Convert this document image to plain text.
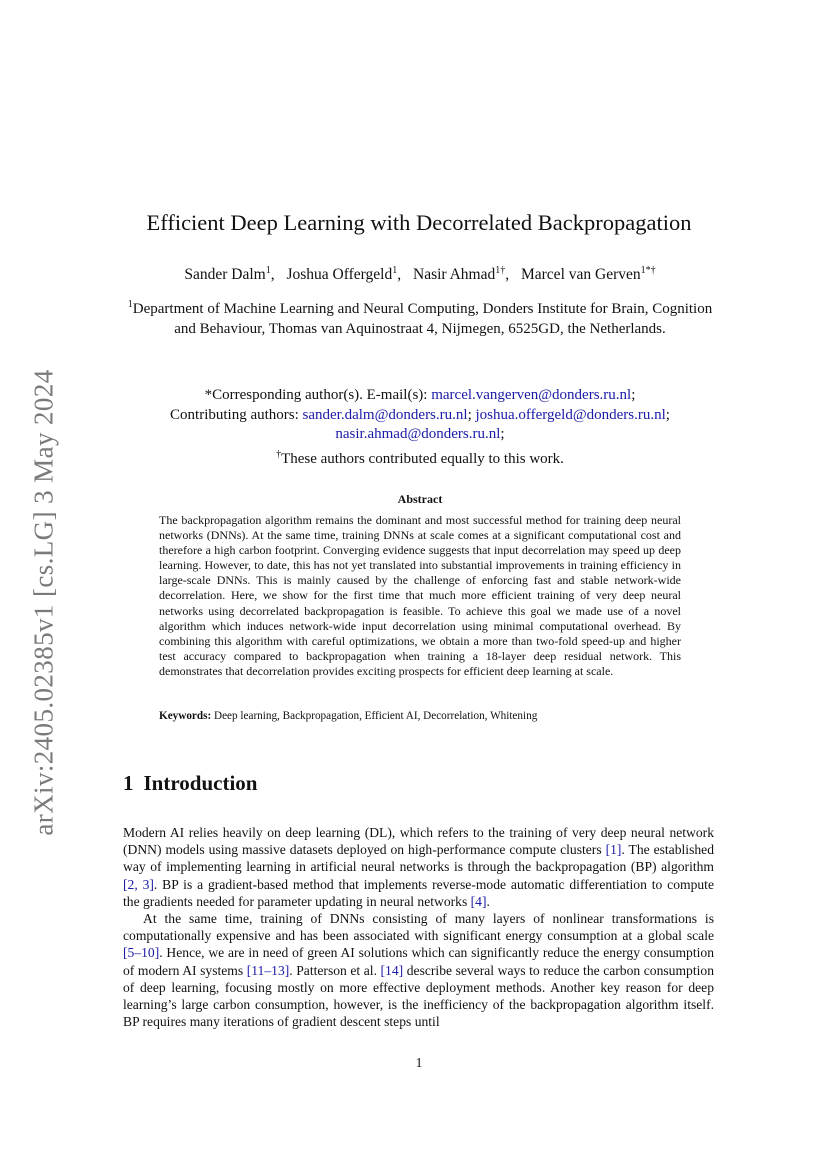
arXiv:2405.02385v1 [cs.LG] 3 May 2024
Efficient Deep Learning with Decorrelated Backpropagation
Sander Dalm$^1$, Joshua Offergeld$^1$, Nasir Ahmad$^{1\dagger}$, Marcel van Gerven$^{1*\dagger}$
$^1$Department of Machine Learning and Neural Computing, Donders Institute for Brain, Cognition and Behaviour, Thomas van Aquinostraat 4, Nijmegen, 6525GD, the Netherlands.
*Corresponding author(s). E-mail(s): marcel.vangerven@donders.ru.nl;
Contributing authors: sander.dalm@donders.ru.nl; joshua.offergeld@donders.ru.nl;
nasir.ahmad@donders.ru.nl;
†These authors contributed equally to this work.
Abstract

The backpropagation algorithm remains the dominant and most successful method for training deep neural networks (DNNs). At the same time, training DNNs at scale comes at a significant computational cost and therefore a high carbon footprint. Converging evidence suggests that input decorrelation may speed up deep learning. However, to date, this has not yet translated into substantial improvements in training efficiency in large-scale DNNs. This is mainly caused by the challenge of enforcing fast and stable network-wide decorrelation. Here, we show for the first time that much more efficient training of very deep neural networks using decorrelated backpropagation is feasible. To achieve this goal we made use of a novel algorithm which induces network-wide input decorrelation using minimal computational overhead. By combining this algorithm with careful optimizations, we obtain a more than two-fold speed-up and higher test accuracy compared to backpropagation when training a 18-layer deep residual network. This demonstrates that decorrelation provides exciting prospects for efficient deep learning at scale.

Keywords: Deep learning, Backpropagation, Efficient AI, Decorrelation, Whitening
1 Introduction

Modern AI relies heavily on deep learning (DL), which refers to the training of very deep neural network (DNN) models using massive datasets deployed on high-performance compute clusters [1]. The established way of implementing learning in artificial neural networks is through the backpropagation (BP) algorithm [2, 3]. BP is a gradient-based method that implements reverse-mode automatic differentiation to compute the gradients needed for parameter updating in neural networks [4].

At the same time, training of DNNs consisting of many layers of nonlinear transformations is computationally expensive and has been associated with significant energy consumption at a global scale [5–10]. Hence, we are in need of green AI solutions which can significantly reduce the energy consumption of modern AI systems [11–13]. Patterson et al. [14] describe several ways to reduce the carbon consumption of deep learning, focusing mostly on more effective deployment methods. Another key reason for deep learning’s large carbon consumption, however, is the inefficiency of the backpropagation algorithm itself. BP requires many iterations of gradient descent steps until

1
